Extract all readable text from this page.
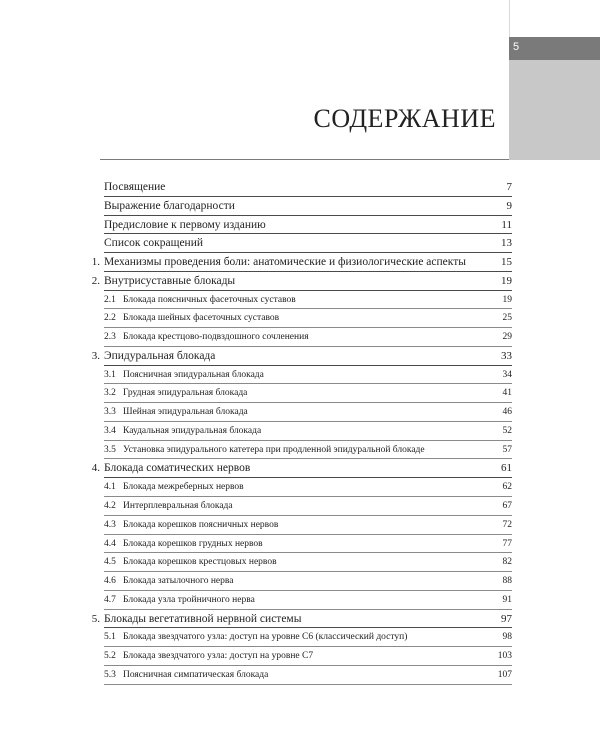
5
СОДЕРЖАНИЕ
Посвящение	7
Выражение благодарности	9
Предисловие к первому изданию	11
Список сокращений	13
1. Механизмы проведения боли: анатомические и физиологические аспекты	15
2. Внутрисуставные блокады	19
2.1 Блокада поясничных фасеточных суставов	19
2.2 Блокада шейных фасеточных суставов	25
2.3 Блокада крестцово-подвздошного сочленения	29
3. Эпидуральная блокада	33
3.1 Поясничная эпидуральная блокада	34
3.2 Грудная эпидуральная блокада	41
3.3 Шейная эпидуральная блокада	46
3.4 Каудальная эпидуральная блокада	52
3.5 Установка эпидурального катетера при продленной эпидуральной блокаде	57
4. Блокада соматических нервов	61
4.1 Блокада межреберных нервов	62
4.2 Интерплевральная блокада	67
4.3 Блокада корешков поясничных нервов	72
4.4 Блокада корешков грудных нервов	77
4.5 Блокада корешков крестцовых нервов	82
4.6 Блокада затылочного нерва	88
4.7 Блокада узла тройничного нерва	91
5. Блокады вегетативной нервной системы	97
5.1 Блокада звездчатого узла: доступ на уровне С6 (классический доступ)	98
5.2 Блокада звездчатого узла: доступ на уровне С7	103
5.3 Поясничная симпатическая блокада	107
